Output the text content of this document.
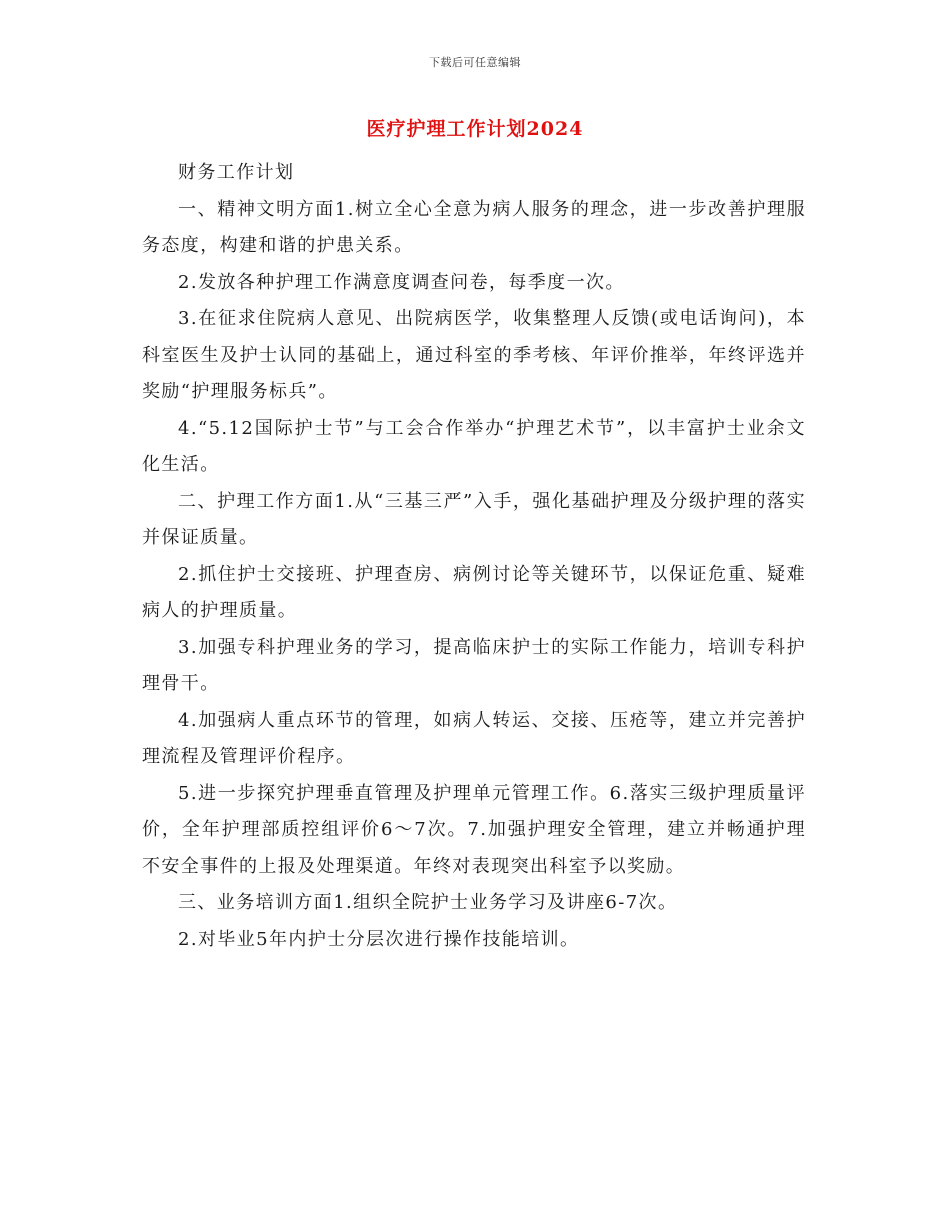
下载后可任意编辑
医疗护理工作计划2024

财务工作计划

一、精神文明方面1.树立全心全意为病人服务的理念，进一步改善护理服务态度，构建和谐的护患关系。

2.发放各种护理工作满意度调查问卷，每季度一次。

3.在征求住院病人意见、出院病医学，收集整理人反馈(或电话询问)，本科室医生及护士认同的基础上，通过科室的季考核、年评价推举，年终评选并奖励“护理服务标兵”。

4.“5.12国际护士节”与工会合作举办“护理艺术节”，以丰富护士业余文化生活。

二、护理工作方面1.从“三基三严”入手，强化基础护理及分级护理的落实并保证质量。

2.抓住护士交接班、护理查房、病例讨论等关键环节，以保证危重、疑难病人的护理质量。

3.加强专科护理业务的学习，提高临床护士的实际工作能力，培训专科护理骨干。

4.加强病人重点环节的管理，如病人转运、交接、压疮等，建立并完善护理流程及管理评价程序。

5.进一步探究护理垂直管理及护理单元管理工作。6.落实三级护理质量评价，全年护理部质控组评价6～7次。7.加强护理安全管理，建立并畅通护理不安全事件的上报及处理渠道。年终对表现突出科室予以奖励。

三、业务培训方面1.组织全院护士业务学习及讲座6-7次。

2.对毕业5年内护士分层次进行操作技能培训。
